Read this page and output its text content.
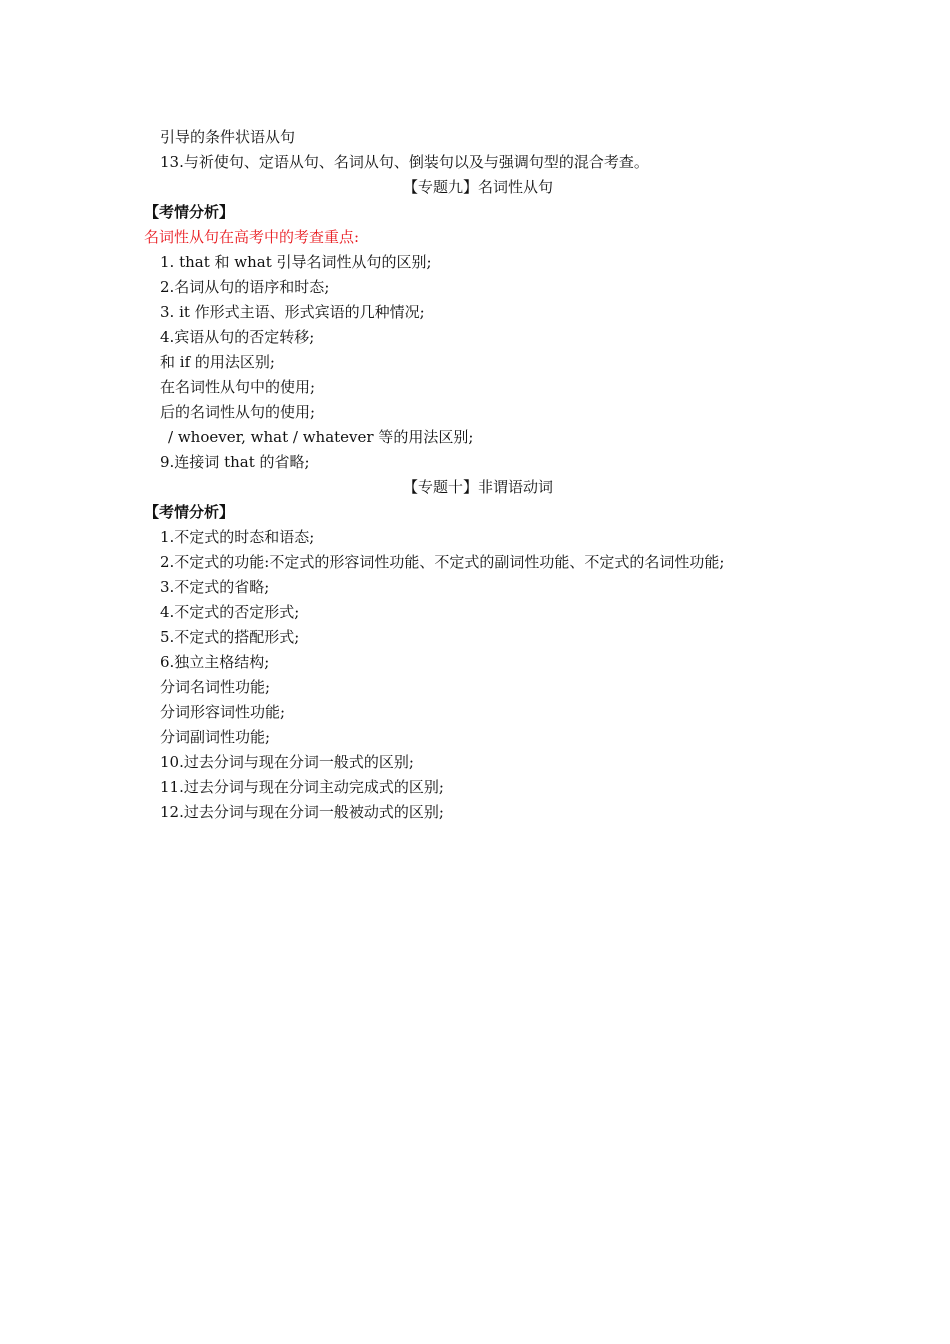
引导的条件状语从句
13.与祈使句、定语从句、名词从句、倒装句以及与强调句型的混合考查。
【专题九】名词性从句
【考情分析】
名词性从句在高考中的考查重点:
1. that 和 what 引导名词性从句的区别;
2.名词从句的语序和时态;
3. it 作形式主语、形式宾语的几种情况;
4.宾语从句的否定转移;
和 if 的用法区别;
在名词性从句中的使用;
后的名词性从句的使用;
/ whoever, what / whatever 等的用法区别;
9.连接词 that 的省略;
【专题十】非谓语动词
【考情分析】
1.不定式的时态和语态;
2.不定式的功能:不定式的形容词性功能、不定式的副词性功能、不定式的名词性功能;
3.不定式的省略;
4.不定式的否定形式;
5.不定式的搭配形式;
6.独立主格结构;
分词名词性功能;
分词形容词性功能;
分词副词性功能;
10.过去分词与现在分词一般式的区别;
11.过去分词与现在分词主动完成式的区别;
12.过去分词与现在分词一般被动式的区别;
